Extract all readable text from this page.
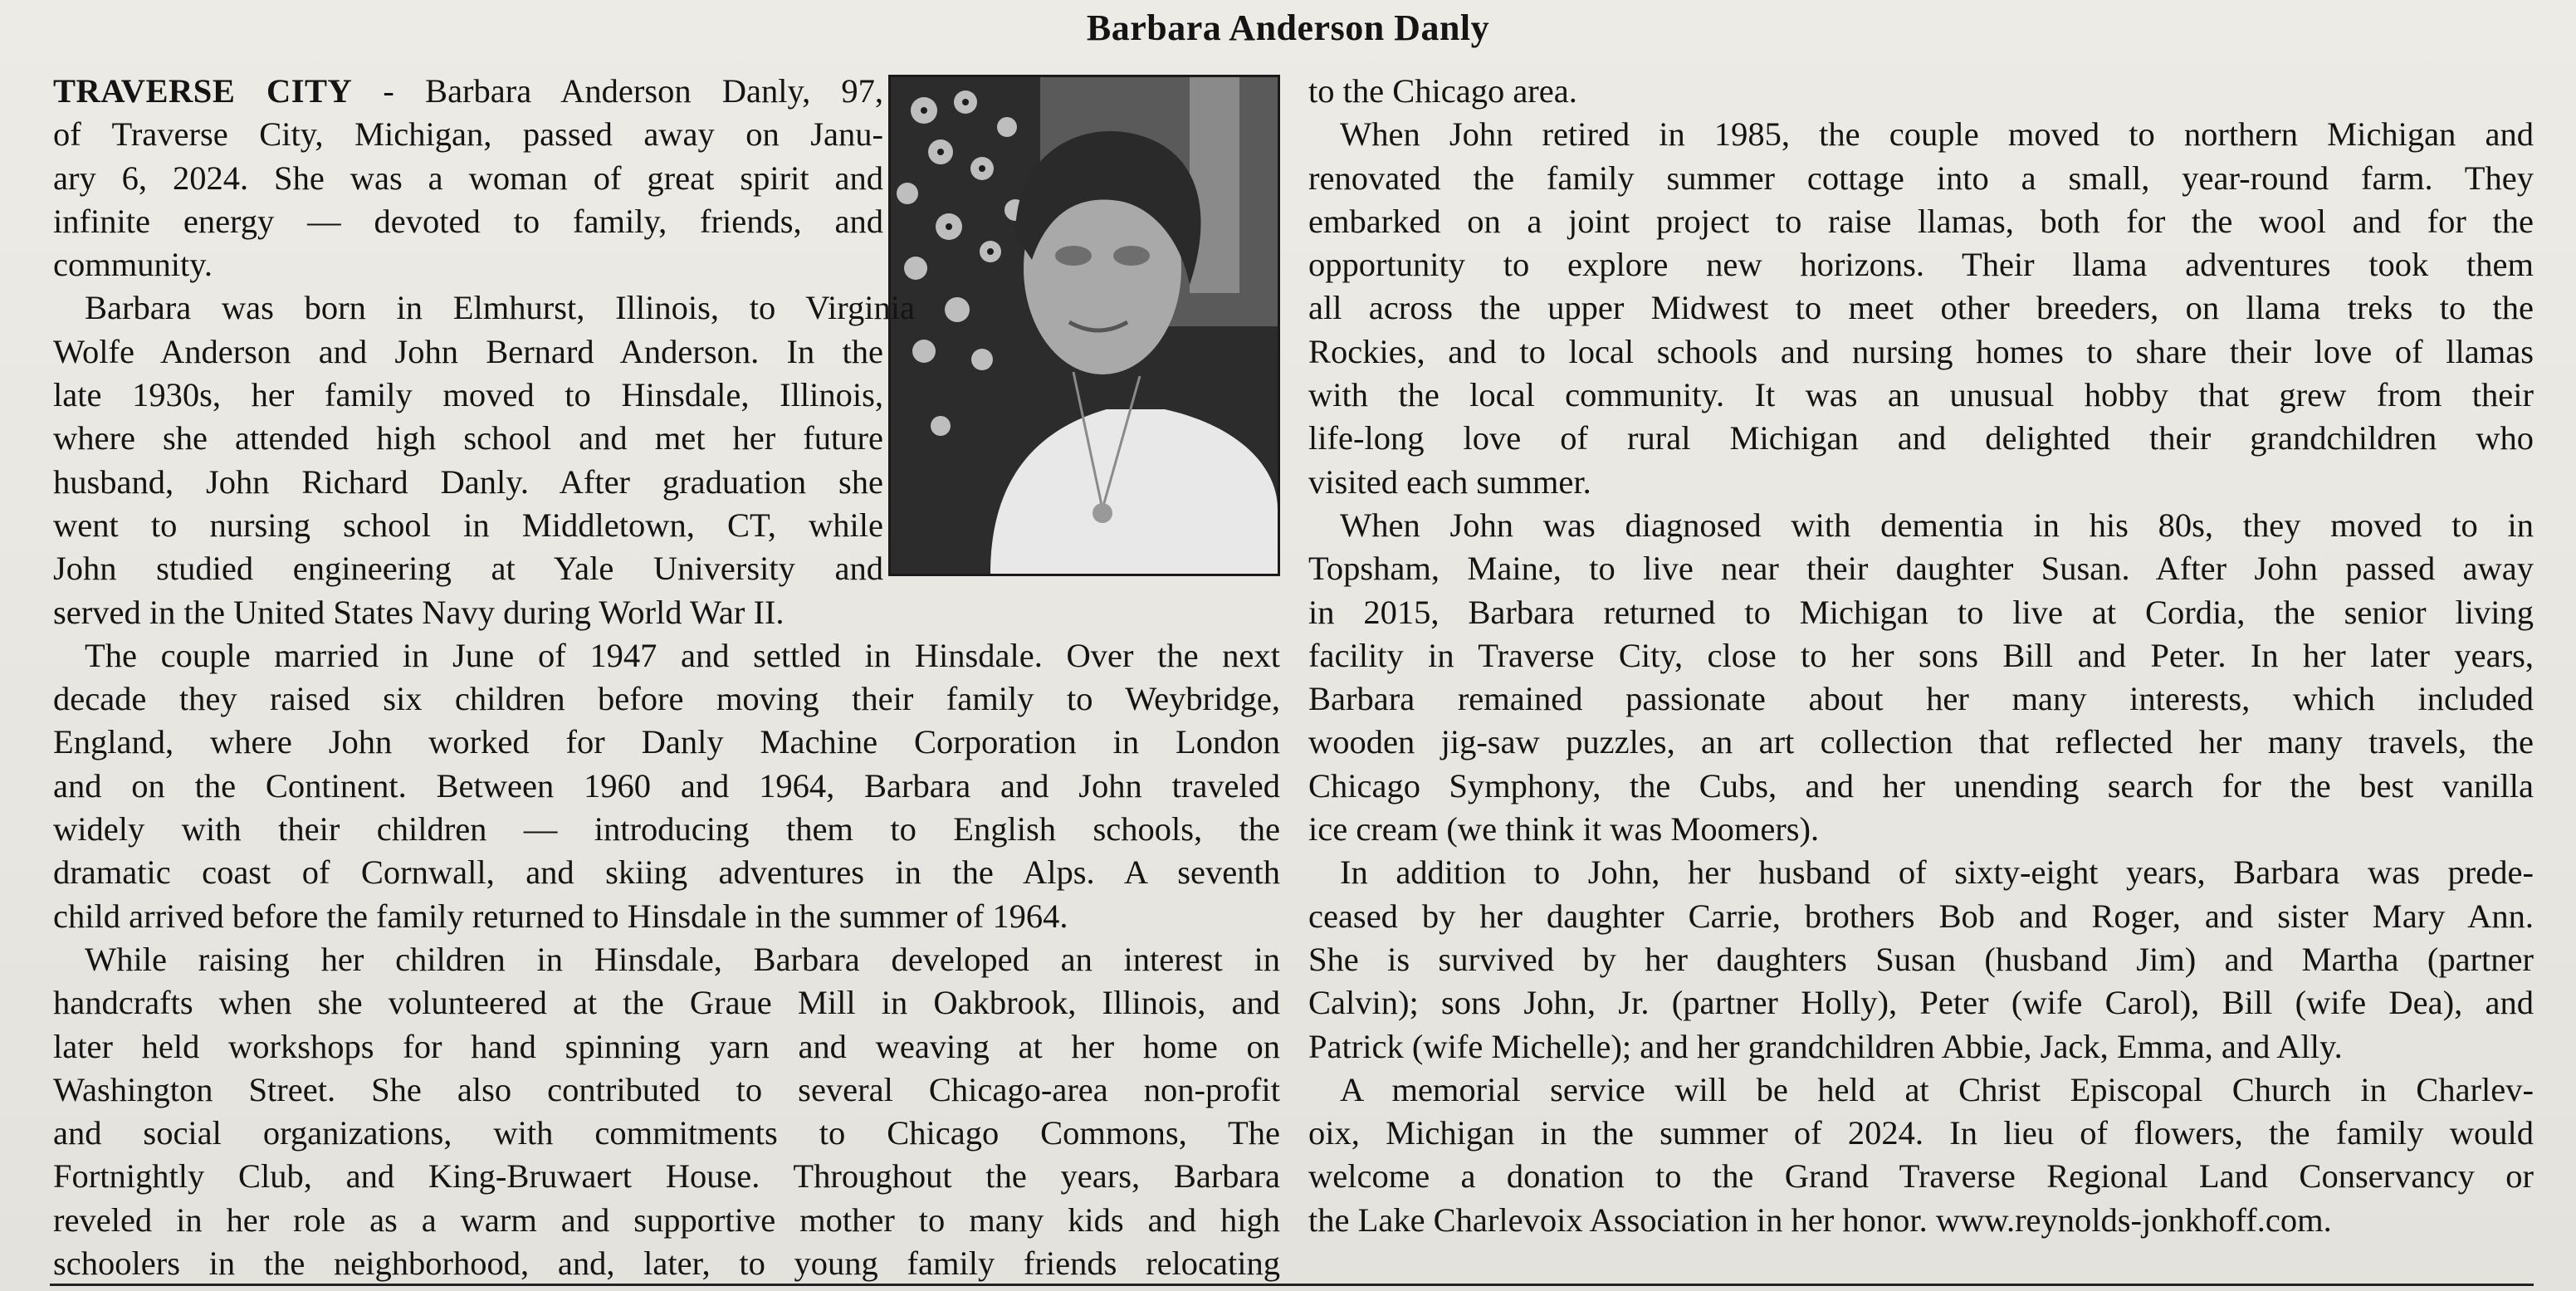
Barbara Anderson Danly
TRAVERSE CITY - Barbara Anderson Danly, 97,
of Traverse City, Michigan, passed away on Janu-
ary 6, 2024. She was a woman of great spirit and
infinite energy — devoted to family, friends, and
community.
Barbara was born in Elmhurst, Illinois, to Virginia
Wolfe Anderson and John Bernard Anderson. In the
late 1930s, her family moved to Hinsdale, Illinois,
where she attended high school and met her future
husband, John Richard Danly. After graduation she
went to nursing school in Middletown, CT, while
John studied engineering at Yale University and
served in the United States Navy during World War II.
The couple married in June of 1947 and settled in Hinsdale. Over the next
decade they raised six children before moving their family to Weybridge,
England, where John worked for Danly Machine Corporation in London
and on the Continent. Between 1960 and 1964, Barbara and John traveled
widely with their children — introducing them to English schools, the
dramatic coast of Cornwall, and skiing adventures in the Alps. A seventh
child arrived before the family returned to Hinsdale in the summer of 1964.
While raising her children in Hinsdale, Barbara developed an interest in
handcrafts when she volunteered at the Graue Mill in Oakbrook, Illinois, and
later held workshops for hand spinning yarn and weaving at her home on
Washington Street. She also contributed to several Chicago-area non-profit
and social organizations, with commitments to Chicago Commons, The
Fortnightly Club, and King-Bruwaert House. Throughout the years, Barbara
reveled in her role as a warm and supportive mother to many kids and high
schoolers in the neighborhood, and, later, to young family friends relocating
to the Chicago area.
When John retired in 1985, the couple moved to northern Michigan and
renovated the family summer cottage into a small, year-round farm. They
embarked on a joint project to raise llamas, both for the wool and for the
opportunity to explore new horizons. Their llama adventures took them
all across the upper Midwest to meet other breeders, on llama treks to the
Rockies, and to local schools and nursing homes to share their love of llamas
with the local community. It was an unusual hobby that grew from their
life-long love of rural Michigan and delighted their grandchildren who
visited each summer.
When John was diagnosed with dementia in his 80s, they moved to in
Topsham, Maine, to live near their daughter Susan. After John passed away
in 2015, Barbara returned to Michigan to live at Cordia, the senior living
facility in Traverse City, close to her sons Bill and Peter. In her later years,
Barbara remained passionate about her many interests, which included
wooden jig-saw puzzles, an art collection that reflected her many travels, the
Chicago Symphony, the Cubs, and her unending search for the best vanilla
ice cream (we think it was Moomers).
In addition to John, her husband of sixty-eight years, Barbara was prede-
ceased by her daughter Carrie, brothers Bob and Roger, and sister Mary Ann.
She is survived by her daughters Susan (husband Jim) and Martha (partner
Calvin); sons John, Jr. (partner Holly), Peter (wife Carol), Bill (wife Dea), and
Patrick (wife Michelle); and her grandchildren Abbie, Jack, Emma, and Ally.
A memorial service will be held at Christ Episcopal Church in Charlev-
oix, Michigan in the summer of 2024. In lieu of flowers, the family would
welcome a donation to the Grand Traverse Regional Land Conservancy or
the Lake Charlevoix Association in her honor. www.reynolds-jonkhoff.com.
